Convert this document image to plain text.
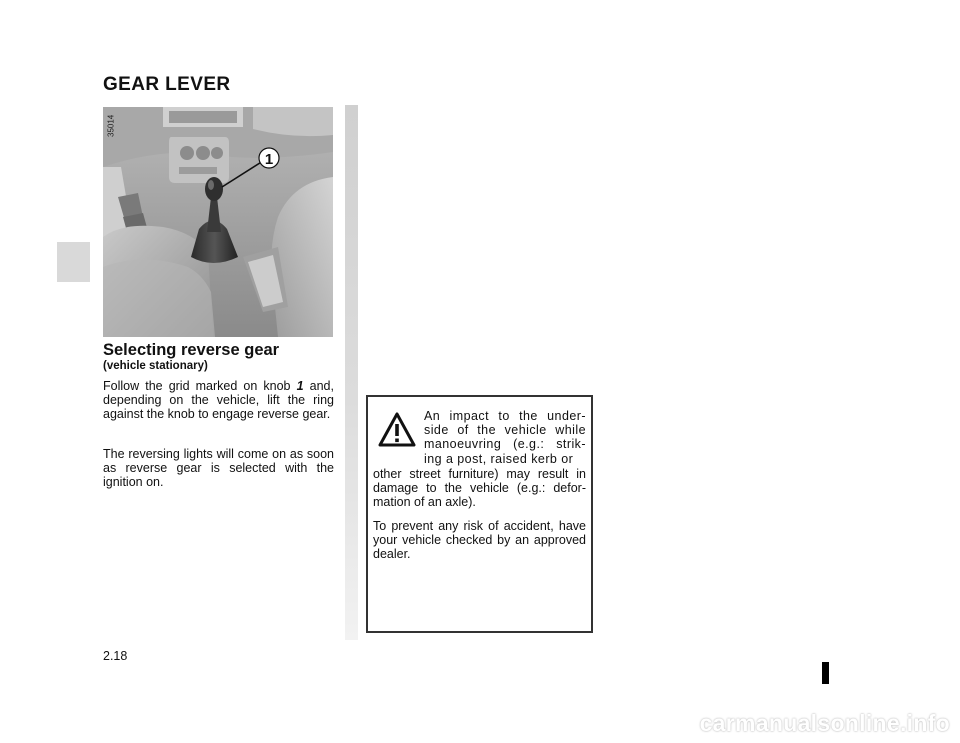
GEAR LEVER
1
35014
Selecting reverse gear
(vehicle stationary)

Follow the grid marked on knob 1 and, depending on the vehicle, lift the ring against the knob to engage reverse gear.

The reversing lights will come on as soon as reverse gear is selected with the ignition on.

An impact to the under-side of the vehicle while manoeuvring (e.g.: strik-ing a post, raised kerb or

other street furniture) may result in damage to the vehicle (e.g.: defor-mation of an axle).

To prevent any risk of accident, have your vehicle checked by an approved dealer.

2.18
carmanualsonline.info
